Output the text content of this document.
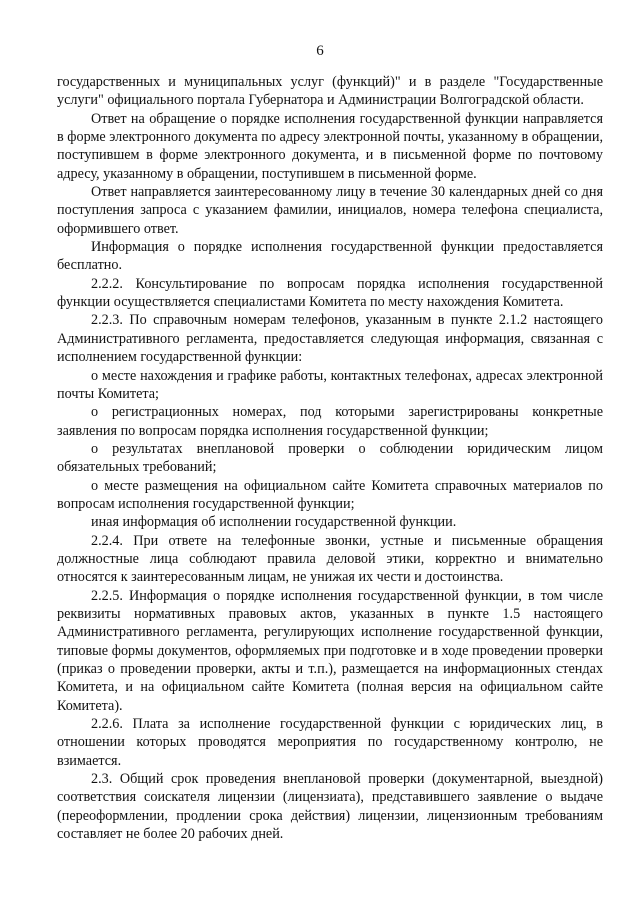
6

государственных и муниципальных услуг (функций)" и в разделе "Государственные услуги" официального портала Губернатора и Администрации Волгоградской области.

Ответ на обращение о порядке исполнения государственной функции направляется в форме электронного документа по адресу электронной почты, указанному в обращении, поступившем в форме электронного документа, и в письменной форме по почтовому адресу, указанному в обращении, поступившем в письменной форме.

Ответ направляется заинтересованному лицу в течение 30 календарных дней со дня поступления запроса с указанием фамилии, инициалов, номера телефона специалиста, оформившего ответ.

Информация о порядке исполнения государственной функции предоставляется бесплатно.

2.2.2. Консультирование по вопросам порядка исполнения государственной функции осуществляется специалистами Комитета по месту нахождения Комитета.

2.2.3. По справочным номерам телефонов, указанным в пункте 2.1.2 настоящего Административного регламента, предоставляется следующая информация, связанная с исполнением государственной функции:

о месте нахождения и графике работы, контактных телефонах, адресах электронной почты Комитета;

о регистрационных номерах, под которыми зарегистрированы конкретные заявления по вопросам порядка исполнения государственной функции;

о результатах внеплановой проверки о соблюдении юридическим лицом обязательных требований;

о месте размещения на официальном сайте Комитета справочных материалов по вопросам исполнения государственной функции;

иная информация об исполнении государственной функции.

2.2.4. При ответе на телефонные звонки, устные и письменные обращения должностные лица соблюдают правила деловой этики, корректно и внимательно относятся к заинтересованным лицам, не унижая их чести и достоинства.

2.2.5. Информация о порядке исполнения государственной функции, в том числе реквизиты нормативных правовых актов, указанных в пункте 1.5 настоящего Административного регламента, регулирующих исполнение государственной функции, типовые формы документов, оформляемых при подготовке и в ходе проведении проверки (приказ о проведении проверки, акты и т.п.), размещается на информационных стендах Комитета, и на официальном сайте Комитета (полная версия на официальном сайте Комитета).

2.2.6. Плата за исполнение государственной функции с юридических лиц, в отношении которых проводятся мероприятия по государственному контролю, не взимается.

2.3. Общий срок проведения внеплановой проверки (документарной, выездной) соответствия соискателя лицензии (лицензиата), представившего заявление о выдаче (переоформлении, продлении срока действия) лицензии, лицензионным требованиям составляет не более 20 рабочих дней.
